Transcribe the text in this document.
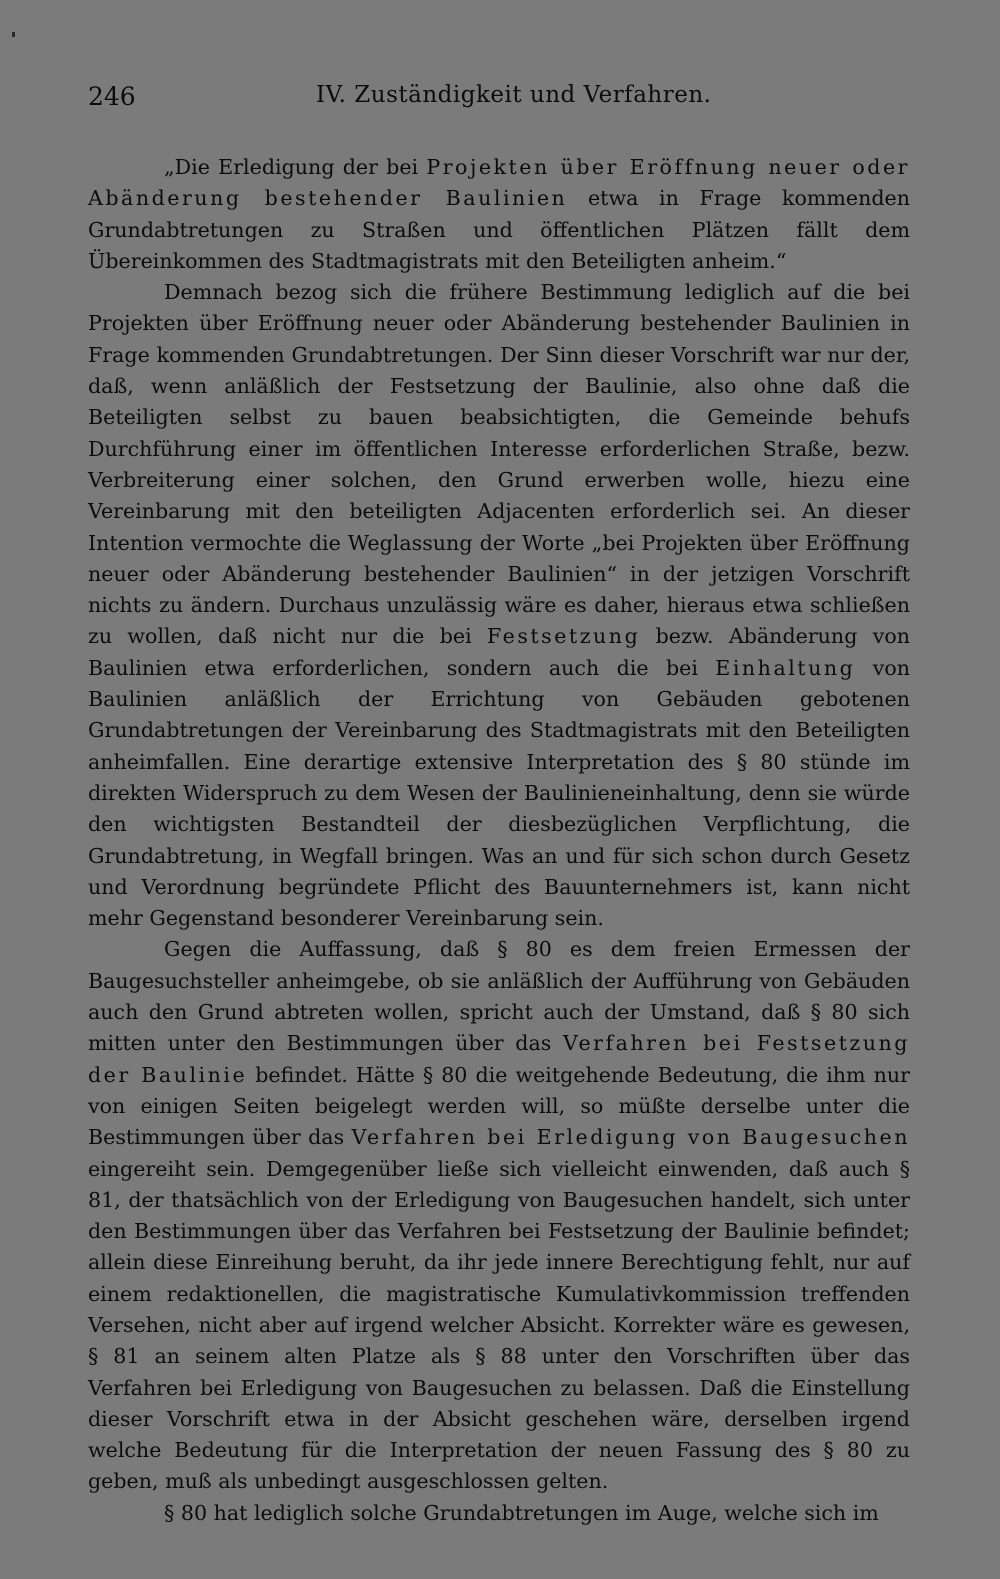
246	IV. Zuständigkeit und Verfahren.

„Die Erledigung der bei Projekten über Eröffnung neuer oder Abänderung bestehender Baulinien etwa in Frage kommenden Grundabtretungen zu Straßen und öffentlichen Plätzen fällt dem Übereinkommen des Stadtmagistrats mit den Beteiligten anheim.“

Demnach bezog sich die frühere Bestimmung lediglich auf die bei Projekten über Eröffnung neuer oder Abänderung bestehender Baulinien in Frage kommenden Grundabtretungen. Der Sinn dieser Vorschrift war nur der, daß, wenn anläßlich der Festsetzung der Baulinie, also ohne daß die Beteiligten selbst zu bauen beabsichtigten, die Gemeinde behufs Durchführung einer im öffentlichen Interesse erforderlichen Straße, bezw. Verbreiterung einer solchen, den Grund erwerben wolle, hiezu eine Vereinbarung mit den beteiligten Adjacenten erforderlich sei. An dieser Intention vermochte die Weglassung der Worte „bei Projekten über Eröffnung neuer oder Abänderung bestehender Baulinien“ in der jetzigen Vorschrift nichts zu ändern. Durchaus unzulässig wäre es daher, hieraus etwa schließen zu wollen, daß nicht nur die bei Festsetzung bezw. Abänderung von Baulinien etwa erforderlichen, sondern auch die bei Einhaltung von Baulinien anläßlich der Errichtung von Gebäuden gebotenen Grundabtretungen der Vereinbarung des Stadtmagistrats mit den Beteiligten anheimfallen. Eine derartige extensive Interpretation des § 80 stünde im direkten Widerspruch zu dem Wesen der Baulinieneinhaltung, denn sie würde den wichtigsten Bestandteil der diesbezüglichen Verpflichtung, die Grundabtretung, in Wegfall bringen. Was an und für sich schon durch Gesetz und Verordnung begründete Pflicht des Bauunternehmers ist, kann nicht mehr Gegenstand besonderer Vereinbarung sein.

Gegen die Auffassung, daß § 80 es dem freien Ermessen der Baugesuchsteller anheimgebe, ob sie anläßlich der Aufführung von Gebäuden auch den Grund abtreten wollen, spricht auch der Umstand, daß § 80 sich mitten unter den Bestimmungen über das Verfahren bei Festsetzung der Baulinie befindet. Hätte § 80 die weitgehende Bedeutung, die ihm nur von einigen Seiten beigelegt werden will, so müßte derselbe unter die Bestimmungen über das Verfahren bei Erledigung von Baugesuchen eingereiht sein. Demgegenüber ließe sich vielleicht einwenden, daß auch § 81, der thatsächlich von der Erledigung von Baugesuchen handelt, sich unter den Bestimmungen über das Verfahren bei Festsetzung der Baulinie befindet; allein diese Einreihung beruht, da ihr jede innere Berechtigung fehlt, nur auf einem redaktionellen, die magistratische Kumulativkommission treffenden Versehen, nicht aber auf irgend welcher Absicht. Korrekter wäre es gewesen, § 81 an seinem alten Platze als § 88 unter den Vorschriften über das Verfahren bei Erledigung von Baugesuchen zu belassen. Daß die Einstellung dieser Vorschrift etwa in der Absicht geschehen wäre, derselben irgend welche Bedeutung für die Interpretation der neuen Fassung des § 80 zu geben, muß als unbedingt ausgeschlossen gelten.

§ 80 hat lediglich solche Grundabtretungen im Auge, welche sich im
